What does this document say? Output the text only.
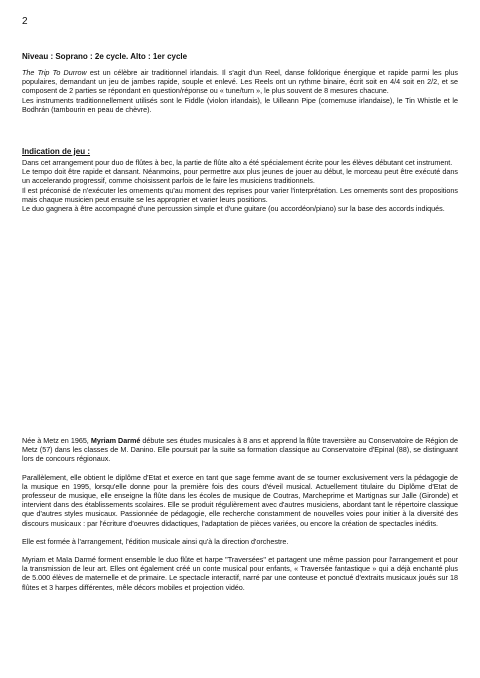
2
Niveau : Soprano : 2e cycle. Alto : 1er cycle

The Trip To Durrow est un célèbre air traditionnel irlandais. Il s'agit d'un Reel, danse folklorique énergique et rapide parmi les plus populaires, demandant un jeu de jambes rapide, souple et enlevé. Les Reels ont un rythme binaire, écrit soit en 4/4 soit en 2/2, et se composent de 2 parties se répondant en question/réponse ou « tune/turn », le plus souvent de 8 mesures chacune.

Les instruments traditionnellement utilisés sont le Fiddle (violon irlandais), le Uilleann Pipe (cornemuse irlandaise), le Tin Whistle et le Bodhrán (tambourin en peau de chèvre).

Indication de jeu :

Dans cet arrangement pour duo de flûtes à bec, la partie de flûte alto a été spécialement écrite pour les élèves débutant cet instrument.

Le tempo doit être rapide et dansant. Néanmoins, pour permettre aux plus jeunes de jouer au début, le morceau peut être exécuté dans un accelerando progressif, comme choisissent parfois de le faire les musiciens traditionnels.

Il est préconisé de n'exécuter les ornements qu'au moment des reprises pour varier l'interprétation. Les ornements sont des propositions mais chaque musicien peut ensuite se les approprier et varier leurs positions.

Le duo gagnera à être accompagné d'une percussion simple et d'une guitare (ou accordéon/piano) sur la base des accords indiqués.

Née à Metz en 1965, Myriam Darmé débute ses études musicales à 8 ans et apprend la flûte traversière au Conservatoire de Région de Metz (57) dans les classes de M. Danino. Elle poursuit par la suite sa formation classique au Conservatoire d'Epinal (88), se distinguant lors de concours régionaux.

Parallèlement, elle obtient le diplôme d'Etat et exerce en tant que sage femme avant de se tourner exclusivement vers la pédagogie de la musique en 1995, lorsqu'elle donne pour la première fois des cours d'éveil musical. Actuellement titulaire du Diplôme d'Etat de professeur de musique, elle enseigne la flûte dans les écoles de musique de Coutras, Marcheprime et Martignas sur Jalle (Gironde) et intervient dans des établissements scolaires. Elle se produit régulièrement avec d'autres musiciens, abordant tant le répertoire classique que d'autres styles musicaux. Passionnée de pédagogie, elle recherche constamment de nouvelles voies pour initier à la diversité des discours musicaux : par l'écriture d'oeuvres didactiques, l'adaptation de pièces variées, ou encore la création de spectacles inédits.

Elle est formée à l'arrangement, l'édition musicale ainsi qu'à la direction d'orchestre.

Myriam et Maïa Darmé forment ensemble le duo flûte et harpe "Traversées" et partagent une même passion pour l'arrangement et pour la transmission de leur art. Elles ont également créé un conte musical pour enfants, « Traversée fantastique » qui a déjà enchanté plus de 5.000 élèves de maternelle et de primaire. Le spectacle interactif, narré par une conteuse et ponctué d'extraits musicaux joués sur 18 flûtes et 3 harpes différentes, mêle décors mobiles et projection vidéo.
